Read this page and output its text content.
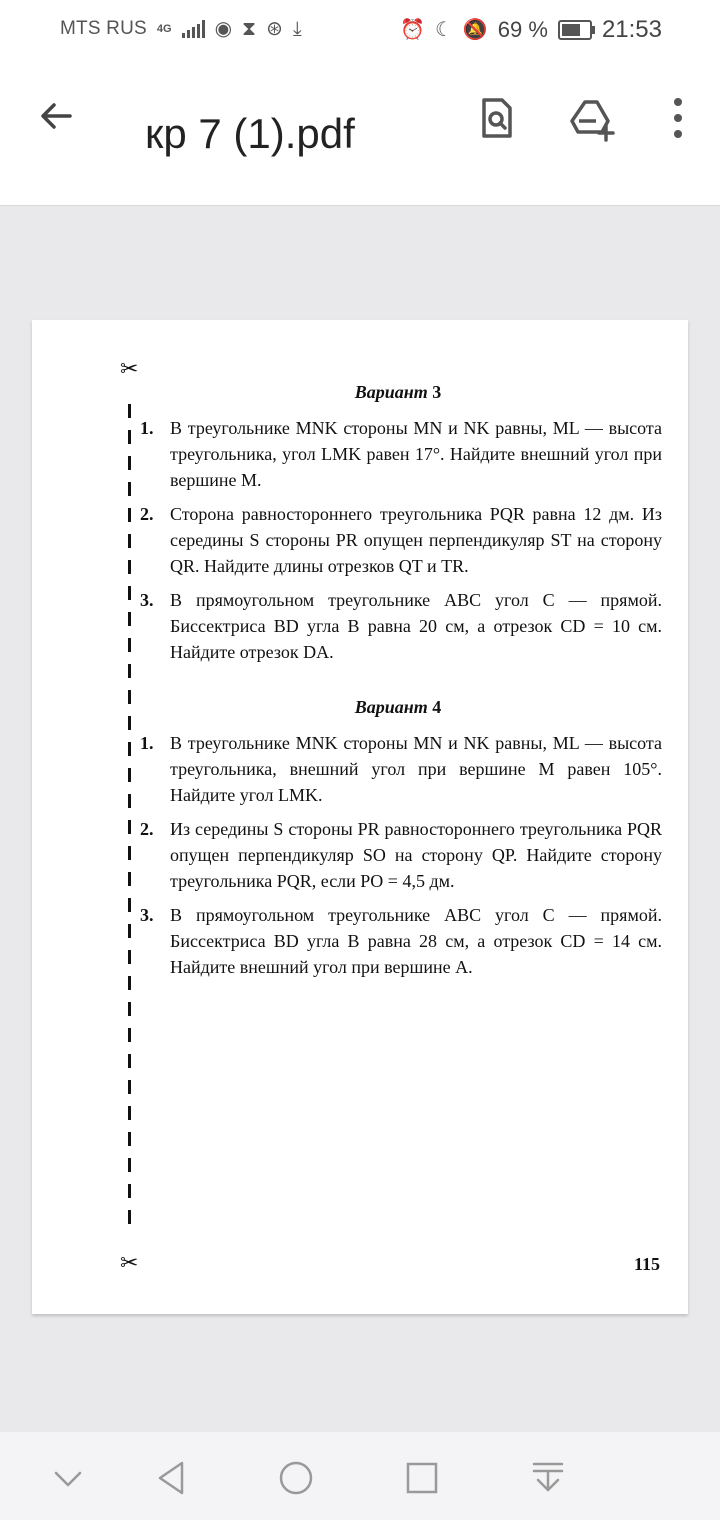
MTS RUS 4G ◉ ⧗ ⊛ ⤓	⏰ ☾ 🔕 69 % 21:53
кр 7 (1).pdf
✂
✂
Вариант 3
1. В треугольнике MNK стороны MN и NK равны, ML — высота треугольника, угол LMK равен 17°. Найдите внешний угол при вершине M.
2. Сторона равностороннего треугольника PQR равна 12 дм. Из середины S стороны PR опущен перпендикуляр ST на сторону QR. Найдите длины отрезков QT и TR.
3. В прямоугольном треугольнике ABC угол C — прямой. Биссектриса BD угла B равна 20 см, а отрезок CD = 10 см. Найдите отрезок DA.
Вариант 4
1. В треугольнике MNK стороны MN и NK равны, ML — высота треугольника, внешний угол при вершине M равен 105°. Найдите угол LMK.
2. Из середины S стороны PR равностороннего треугольника PQR опущен перпендикуляр SO на сторону QP. Найдите сторону треугольника PQR, если PO = 4,5 дм.
3. В прямоугольном треугольнике ABC угол C — прямой. Биссектриса BD угла B равна 28 см, а отрезок CD = 14 см. Найдите внешний угол при вершине A.
115
